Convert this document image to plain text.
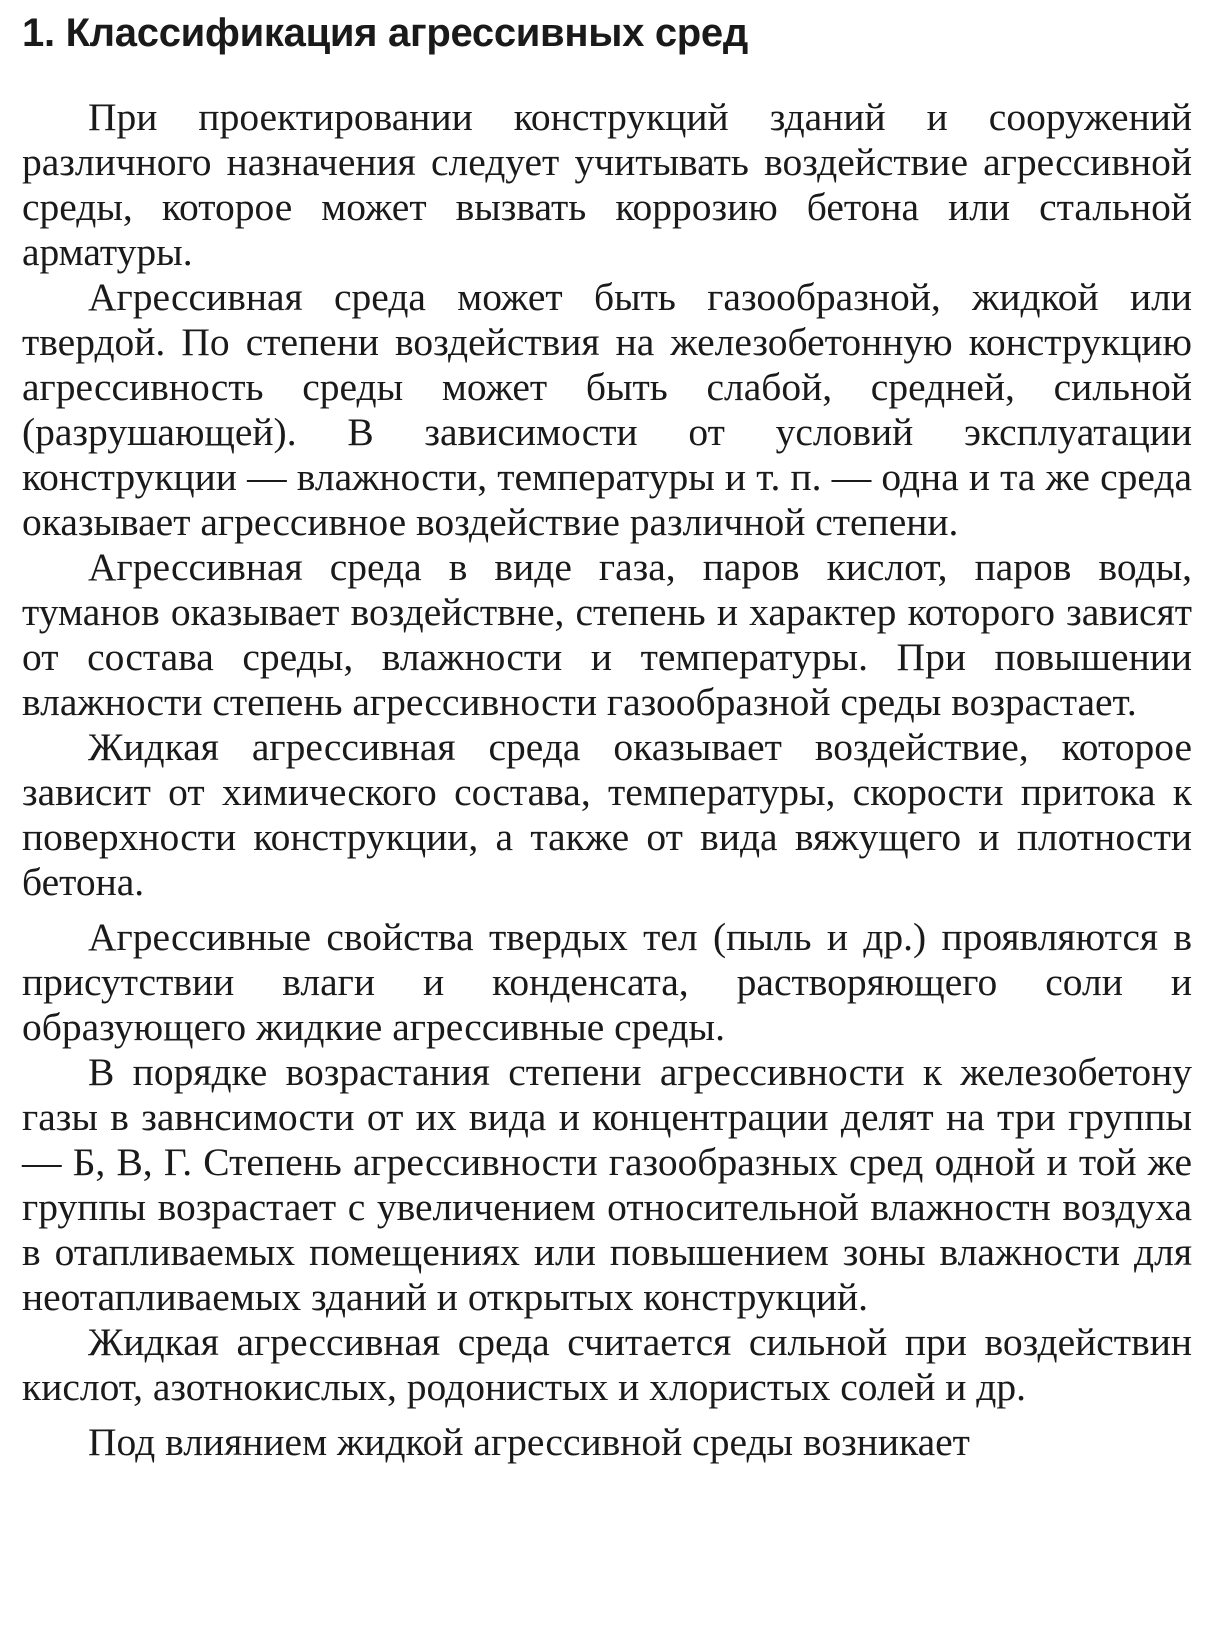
1. Классификация агрессивных сред

При проектировании конструкций зданий и сооружений различного назначения следует учитывать воздействие агрессивной среды, которое может вызвать коррозию бетона или стальной арматуры.

Агрессивная среда может быть газообразной, жидкой или твердой. По степени воздействия на железобетонную конструкцию агрессивность среды может быть слабой, средней, сильной (разрушающей). В зависимости от условий эксплуатации конструкции — влажности, температуры и т. п. — одна и та же среда оказывает агрессивное воздействие различной степени.

Агрессивная среда в виде газа, паров кислот, паров воды, туманов оказывает воздействне, степень и характер которого зависят от состава среды, влажности и температуры. При повышении влажности степень агрессивности газообразной среды возрастает.

Жидкая агрессивная среда оказывает воздействие, которое зависит от химического состава, температуры, скорости притока к поверхности конструкции, а также от вида вяжущего и плотности бетона.

Агрессивные свойства твердых тел (пыль и др.) проявляются в присутствии влаги и конденсата, растворяющего соли и образующего жидкие агрессивные среды.

В порядке возрастания степени агрессивности к железобетону газы в завнсимости от их вида и концентрации делят на три группы — Б, В, Г. Степень агрессивности газообразных сред одной и той же группы возрастает с увеличением относительной влажностн воздуха в отапливаемых помещениях или повышением зоны влажности для неотапливаемых зданий и открытых конструкций.

Жидкая агрессивная среда считается сильной при воздействин кислот, азотнокислых, родонистых и хлористых солей и др.

Под влиянием жидкой агрессивной среды возникает
